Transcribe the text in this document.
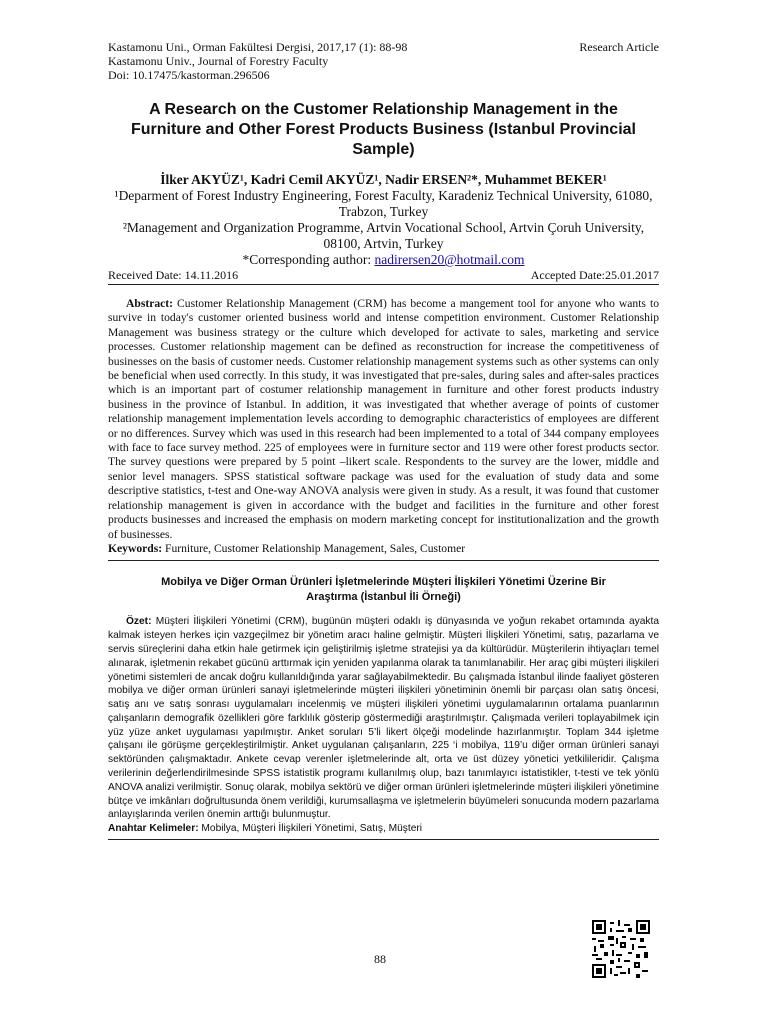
Kastamonu Uni., Orman Fakültesi Dergisi, 2017,17 (1): 88-98	Research Article
Kastamonu Univ., Journal of Forestry Faculty
Doi: 10.17475/kastorman.296506
A Research on the Customer Relationship Management in the Furniture and Other Forest Products Business (Istanbul Provincial Sample)
İlker AKYÜZ¹, Kadri Cemil AKYÜZ¹, Nadir ERSEN²*, Muhammet BEKER¹
¹Deparment of Forest Industry Engineering, Forest Faculty, Karadeniz Technical University, 61080, Trabzon, Turkey
²Management and Organization Programme, Artvin Vocational School, Artvin Çoruh University, 08100, Artvin, Turkey
*Corresponding author: nadirersen20@hotmail.com
Received Date: 14.11.2016	Accepted Date:25.01.2017
Abstract: Customer Relationship Management (CRM) has become a mangement tool for anyone who wants to survive in today's customer oriented business world and intense competition environment. Customer Relationship Management was business strategy or the culture which developed for activate to sales, marketing and service processes. Customer relationship magement can be defined as reconstruction for increase the competitiveness of businesses on the basis of customer needs. Customer relationship management systems such as other systems can only be beneficial when used correctly. In this study, it was investigated that pre-sales, during sales and after-sales practices which is an important part of costumer relationship management in furniture and other forest products industry business in the province of Istanbul. In addition, it was investigated that whether average of points of customer relationship management implementation levels according to demographic characteristics of employees are different or no differences. Survey which was used in this research had been implemented to a total of 344 company employees with face to face survey method. 225 of employees were in furniture sector and 119 were other forest products sector. The survey questions were prepared by 5 point –likert scale. Respondents to the survey are the lower, middle and senior level managers. SPSS statistical software package was used for the evaluation of study data and some descriptive statistics, t-test and One-way ANOVA analysis were given in study. As a result, it was found that customer relationship management is given in accordance with the budget and facilities in the furniture and other forest products businesses and increased the emphasis on modern marketing concept for institutionalization and the growth of businesses.
Keywords: Furniture, Customer Relationship Management, Sales, Customer
Mobilya ve Diğer Orman Ürünleri İşletmelerinde Müşteri İlişkileri Yönetimi Üzerine Bir Araştırma (İstanbul İli Örneği)
Özet: Müşteri İlişkileri Yönetimi (CRM), bugünün müşteri odaklı iş dünyasında ve yoğun rekabet ortamında ayakta kalmak isteyen herkes için vazgeçilmez bir yönetim aracı haline gelmiştir. Müşteri İlişkileri Yönetimi, satış, pazarlama ve servis süreçlerini daha etkin hale getirmek için geliştirilmiş işletme stratejisi ya da kültürüdür. Müşterilerin ihtiyaçları temel alınarak, işletmenin rekabet gücünü arttırmak için yeniden yapılanma olarak ta tanımlanabilir. Her araç gibi müşteri ilişkileri yönetimi sistemleri de ancak doğru kullanıldığında yarar sağlayabilmektedir. Bu çalışmada İstanbul ilinde faaliyet gösteren mobilya ve diğer orman ürünleri sanayi işletmelerinde müşteri ilişkileri yönetiminin önemli bir parçası olan satış öncesi, satış anı ve satış sonrası uygulamaları incelenmiş ve müşteri ilişkileri yönetimi uygulamalarının ortalama puanlarının çalışanların demografik özellikleri göre farklılık gösterip göstermediği araştırılmıştır. Çalışmada verileri toplayabilmek için yüz yüze anket uygulaması yapılmıştır. Anket soruları 5’li likert ölçeği modelinde hazırlanmıştır. Toplam 344 işletme çalışanı ile görüşme gerçekleştirilmiştir. Anket uygulanan çalışanların, 225 ‘i mobilya, 119’u diğer orman ürünleri sanayi sektöründen çalışmaktadır. Ankete cevap verenler işletmelerinde alt, orta ve üst düzey yönetici yetkilileridir. Çalışma verilerinin değerlendirilmesinde SPSS istatistik programı kullanılmış olup, bazı tanımlayıcı istatistikler, t-testi ve tek yönlü ANOVA analizi verilmiştir. Sonuç olarak, mobilya sektörü ve diğer orman ürünleri işletmelerinde müşteri ilişkileri yönetimine bütçe ve imkânları doğrultusunda önem verildiği, kurumsallaşma ve işletmelerin büyümeleri sonucunda modern pazarlama anlayışlarında verilen önemin arttığı bulunmuştur.
Anahtar Kelimeler: Mobilya, Müşteri İlişkileri Yönetimi, Satış, Müşteri
88
